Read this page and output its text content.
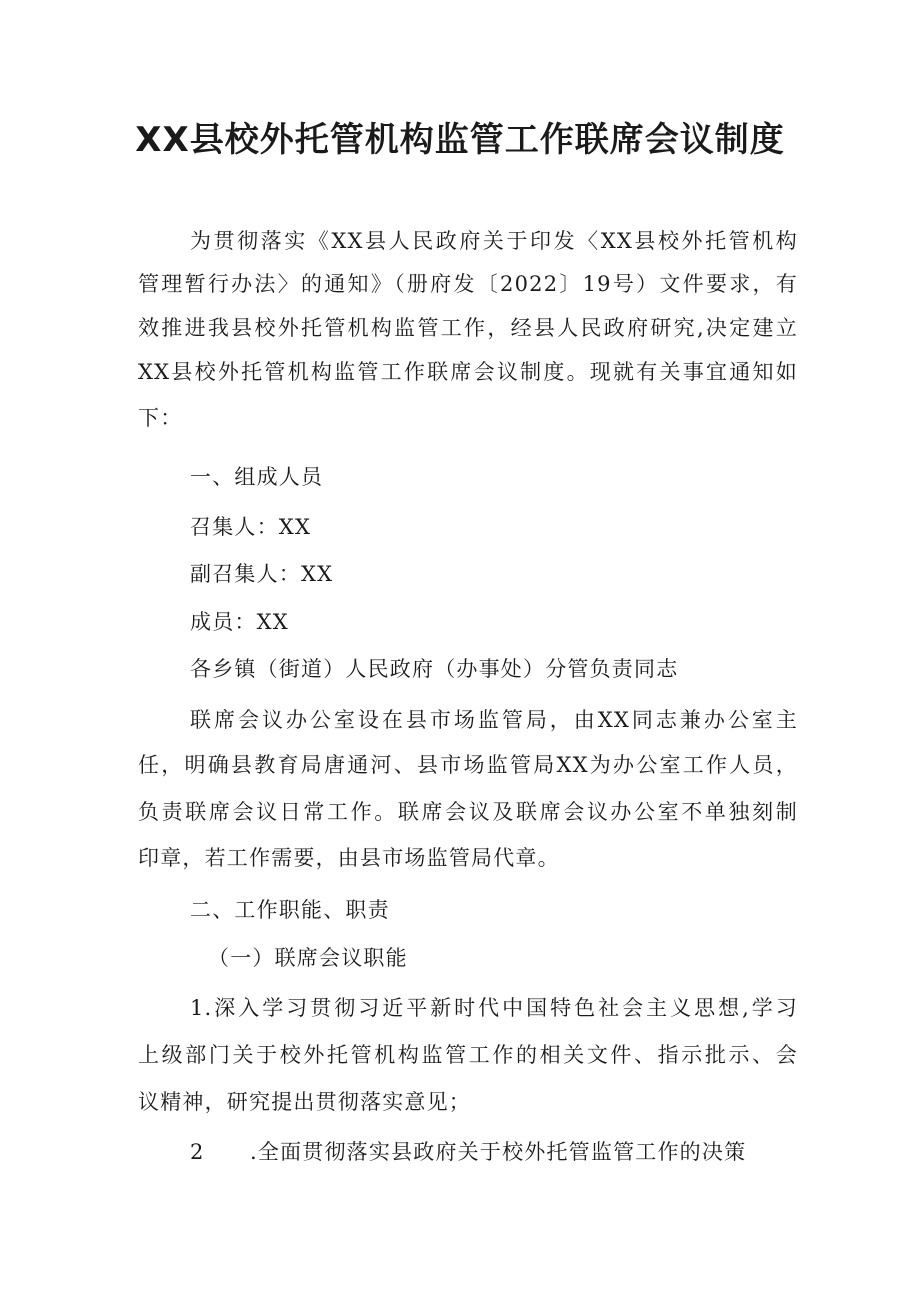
XX县校外托管机构监管工作联席会议制度

为贯彻落实《XX县人民政府关于印发〈XX县校外托管机构

管理暂行办法〉的通知》（册府发〔2022〕19号）文件要求，有

效推进我县校外托管机构监管工作，经县人民政府研究,决定建立

XX县校外托管机构监管工作联席会议制度。现就有关事宜通知如

下：

一、组成人员

召集人：XX

副召集人：XX

成员：XX

各乡镇（街道）人民政府（办事处）分管负责同志

联席会议办公室设在县市场监管局，由XX同志兼办公室主

任，明确县教育局唐通河、县市场监管局XX为办公室工作人员，

负责联席会议日常工作。联席会议及联席会议办公室不单独刻制

印章，若工作需要，由县市场监管局代章。

二、工作职能、职责

（一）联席会议职能

1.深入学习贯彻习近平新时代中国特色社会主义思想,学习

上级部门关于校外托管机构监管工作的相关文件、指示批示、会

议精神，研究提出贯彻落实意见；

2 .全面贯彻落实县政府关于校外托管监管工作的决策
